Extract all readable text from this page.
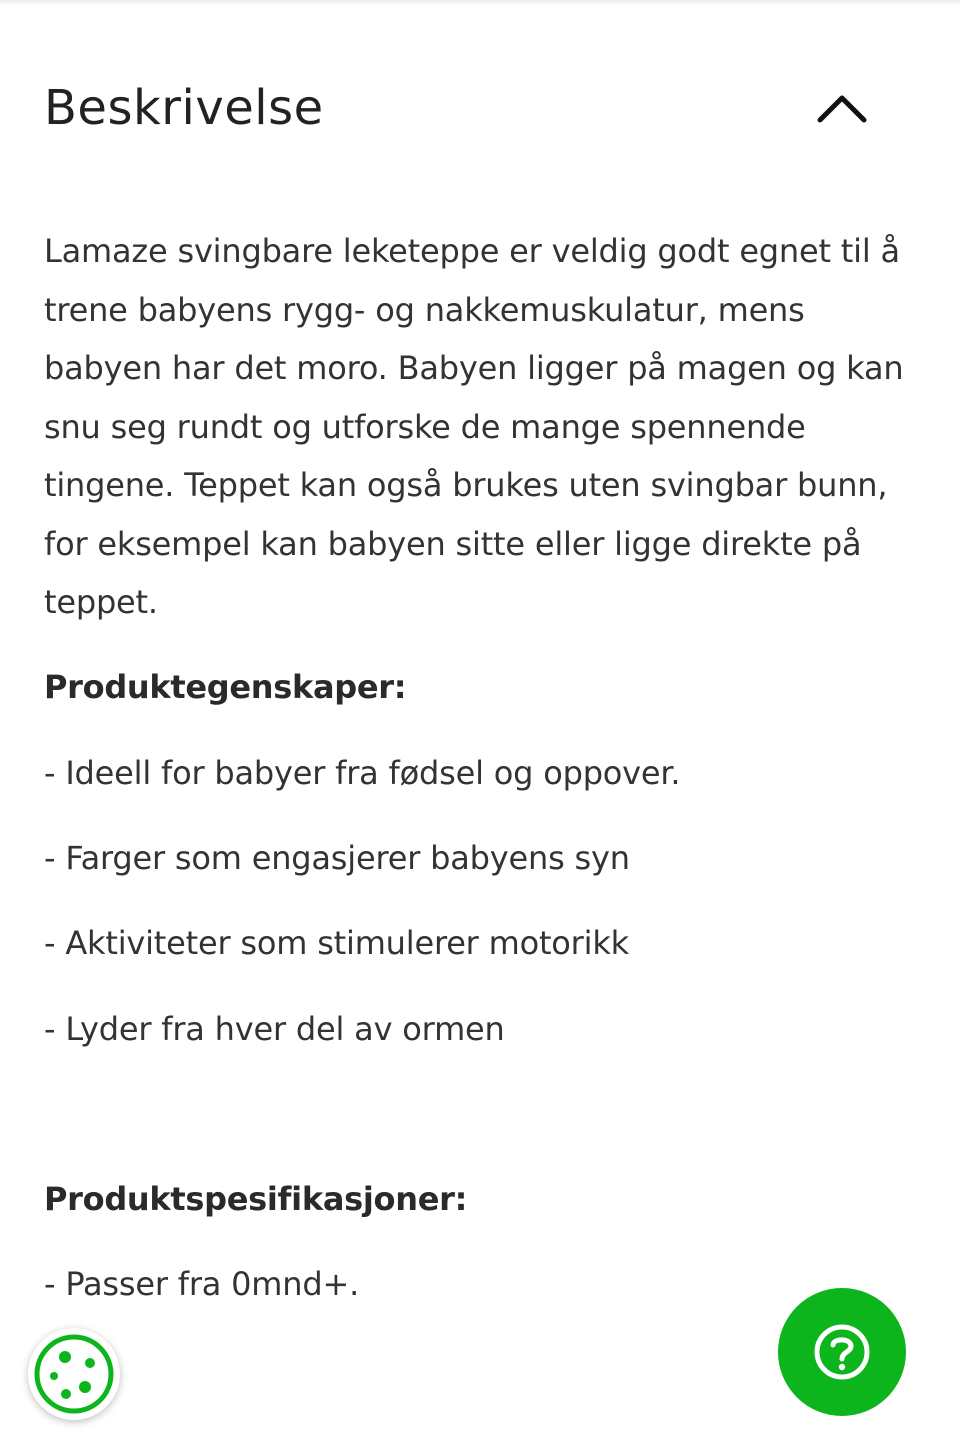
Beskrivelse

Lamaze svingbare leketeppe er veldig godt egnet til å trene babyens rygg- og nakkemuskulatur, mens babyen har det moro. Babyen ligger på magen og kan snu seg rundt og utforske de mange spennende tingene. Teppet kan også brukes uten svingbar bunn, for eksempel kan babyen sitte eller ligge direkte på teppet.

Produktegenskaper:

- Ideell for babyer fra fødsel og oppover.

- Farger som engasjerer babyens syn

- Aktiviteter som stimulerer motorikk

- Lyder fra hver del av ormen

Produktspesifikasjoner:

- Passer fra 0mnd+.
